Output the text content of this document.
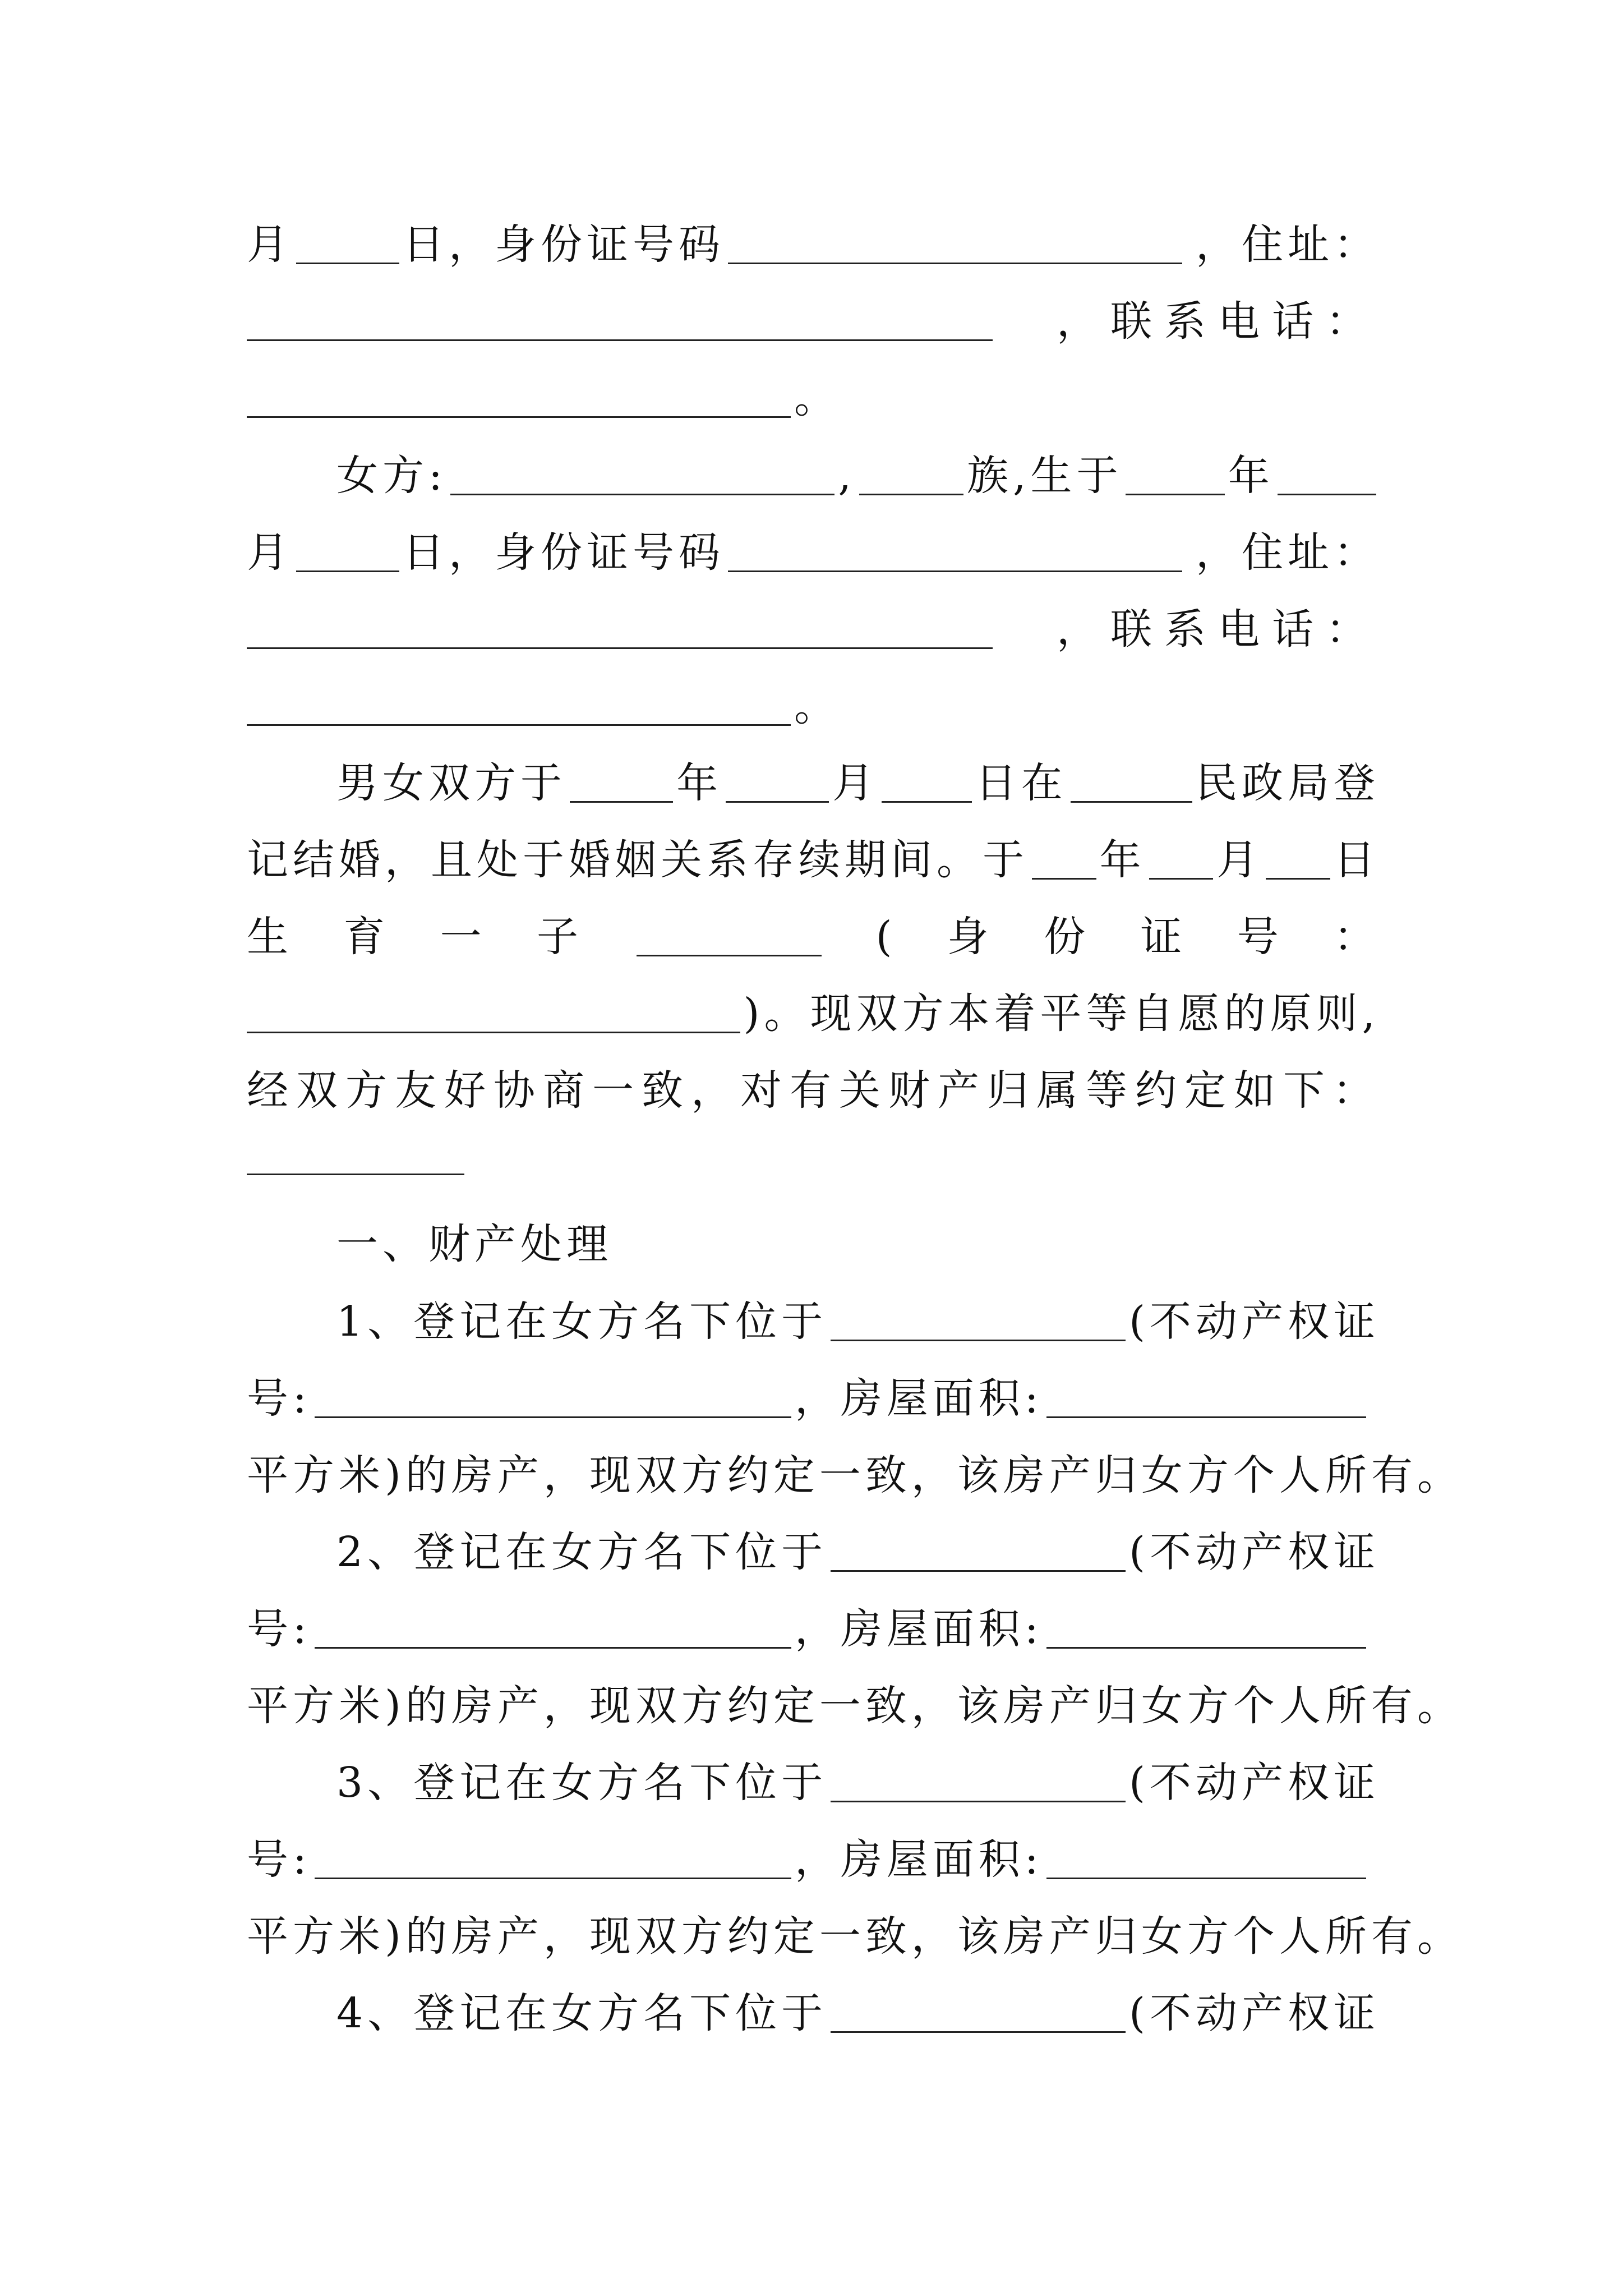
月	日，身份证号码	，住址：
，联系电话：
。
女方:	,	族,生于	年
月	日，身份证号码	，住址：
，联系电话：
。
男女双方于	年	月 日在	民政局登
记结婚，且处于婚姻关系存续期间。于 年 月 日
生 育 一 子	( 身 份 证 号 ：
)。现双方本着平等自愿的原则,
经双方友好协商一致，对有关财产归属等约定如下：
一、财产处理
1、登记在女方名下位于	(不动产权证
号:	，房屋面积:
平方米)的房产，现双方约定一致，该房产归女方个人所有。
2、登记在女方名下位于	(不动产权证
号:	，房屋面积:
平方米)的房产，现双方约定一致，该房产归女方个人所有。
3、登记在女方名下位于	(不动产权证
号:	，房屋面积:
平方米)的房产，现双方约定一致，该房产归女方个人所有。
4、登记在女方名下位于	(不动产权证
